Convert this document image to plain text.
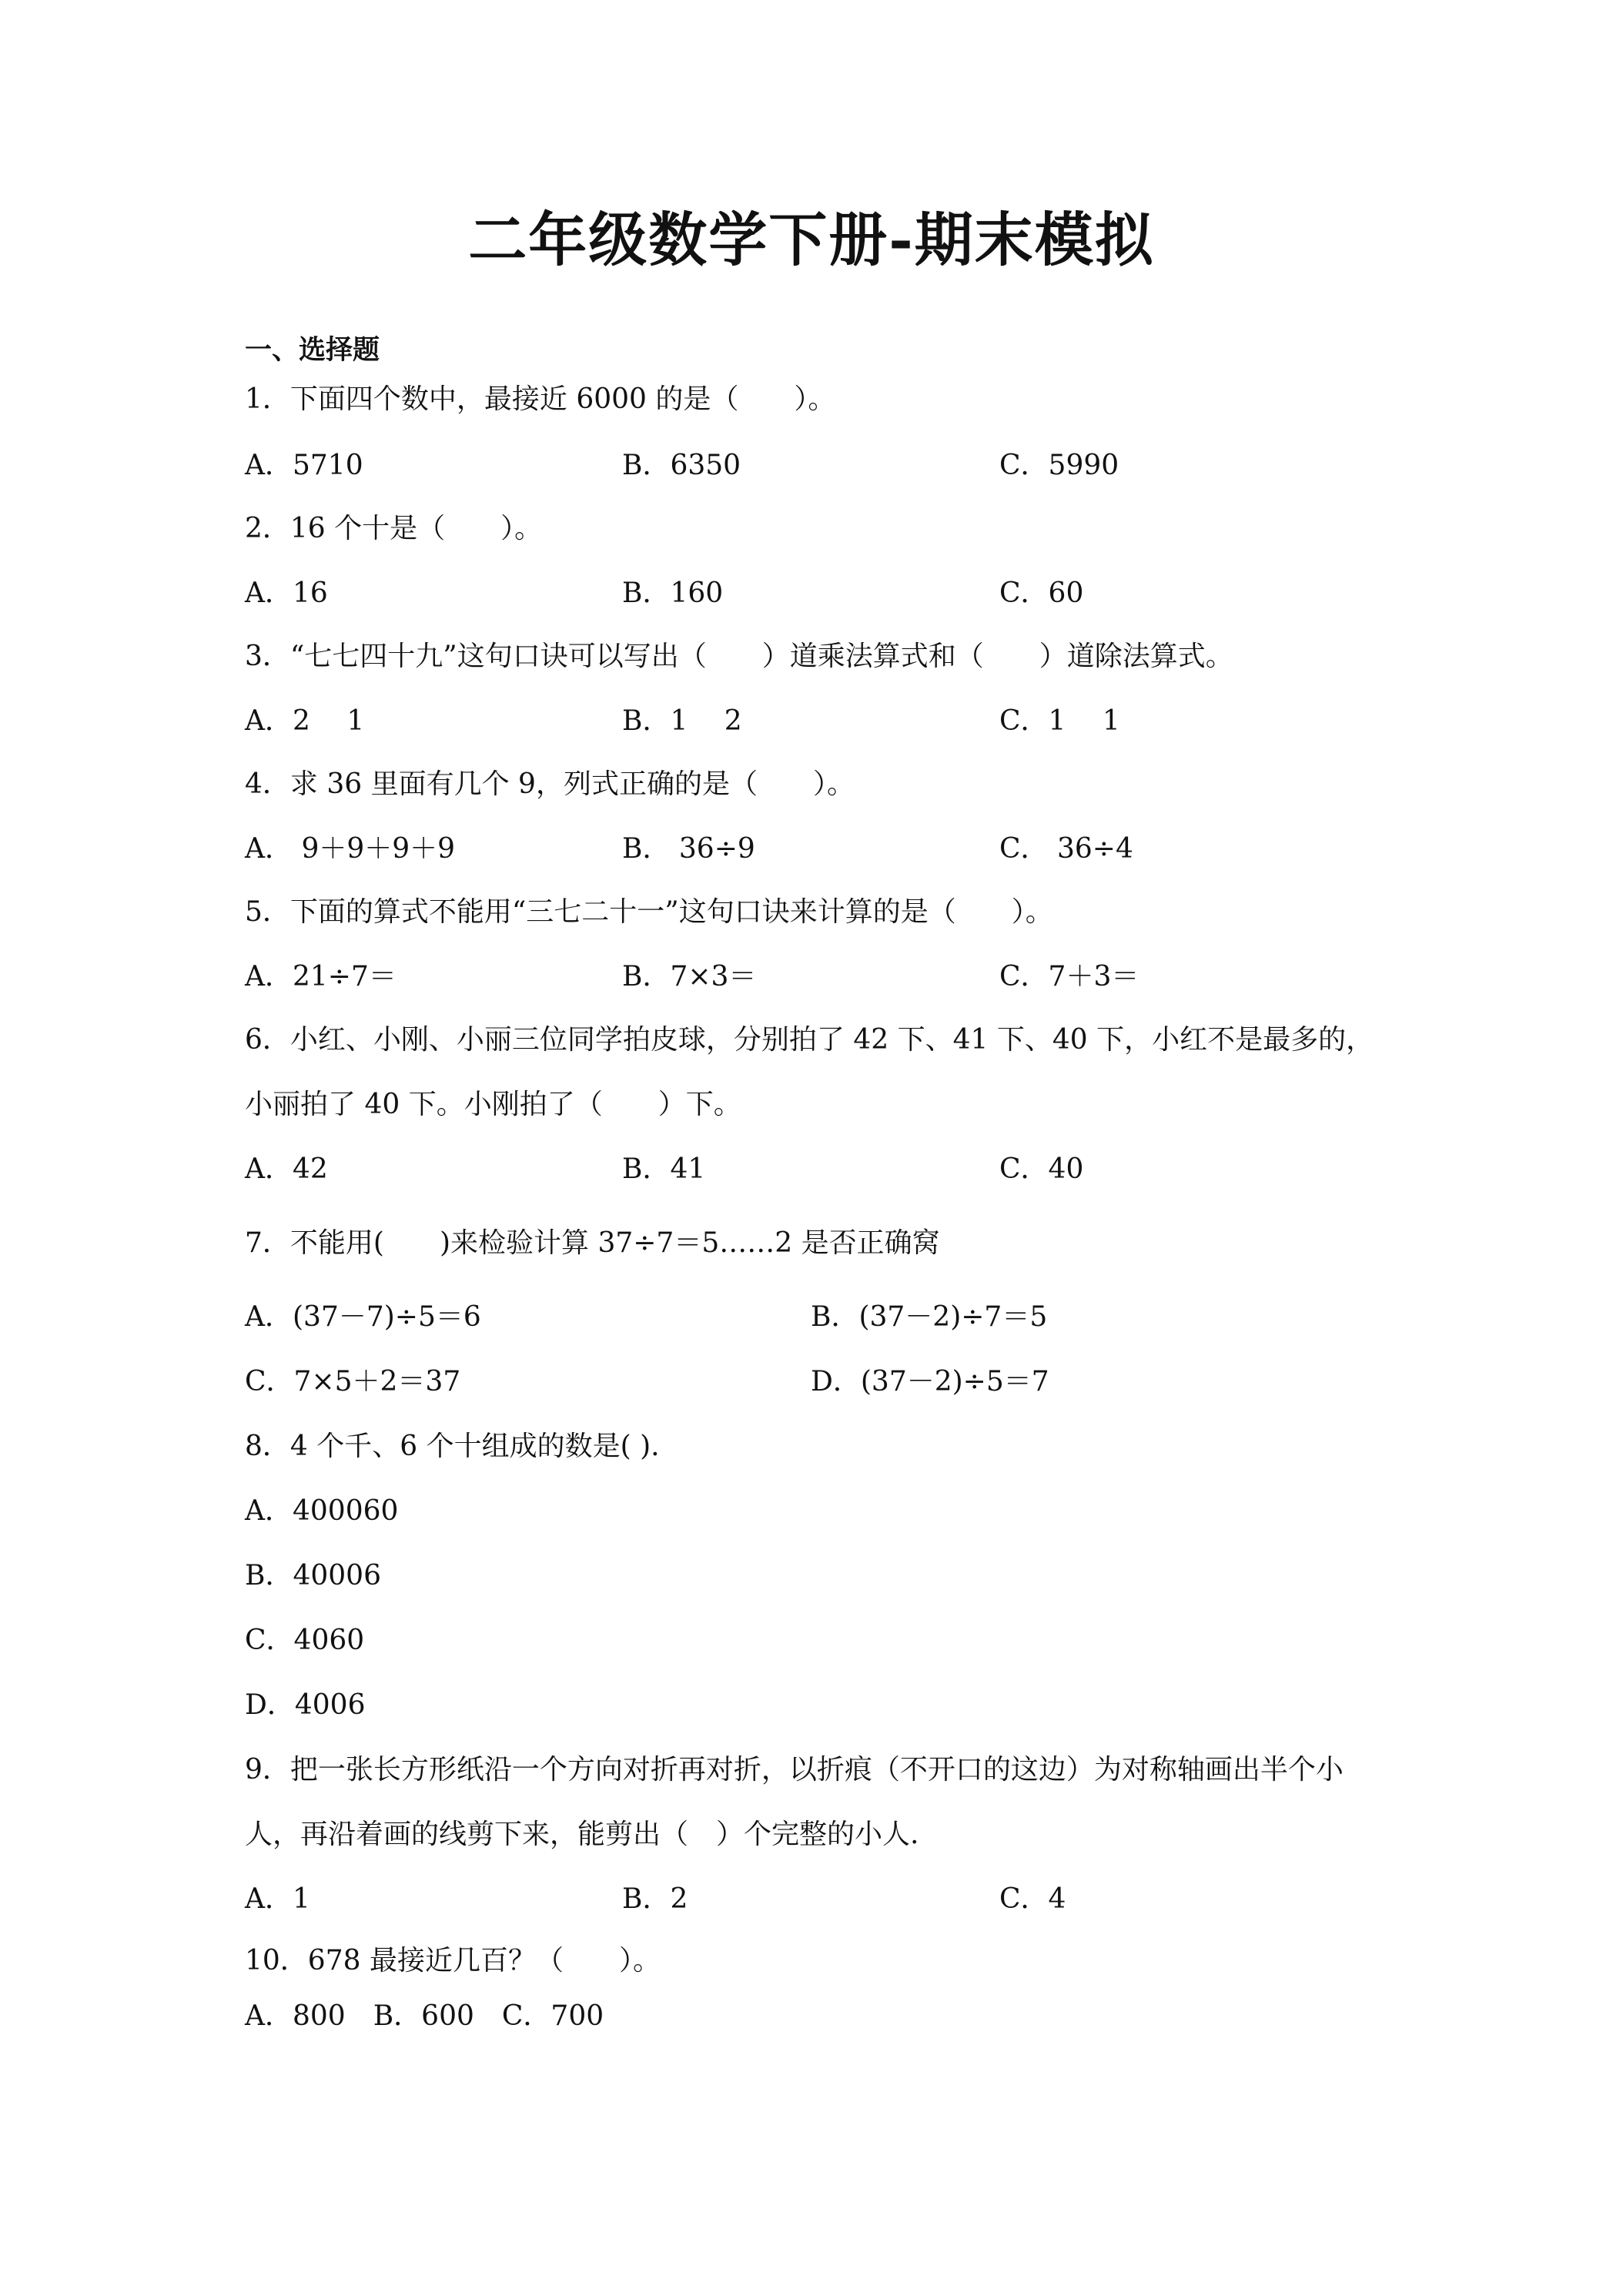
二年级数学下册-期末模拟
一、选择题
1．下面四个数中，最接近 6000 的是（　　）。
A．5710	B．6350	C．5990
2．16 个十是（　　）。
A．16	B．160	C．60
3．“七七四十九”这句口诀可以写出（　　）道乘法算式和（　　）道除法算式。
A．2　 1	B．1　 2	C．1　 1
4．求 36 里面有几个 9，列式正确的是（　　）。
A． 9＋9＋9＋9	B． 36÷9	C． 36÷4
5．下面的算式不能用“三七二十一”这句口诀来计算的是（　　）。
A．21÷7＝	B．7×3＝	C．7＋3＝
6．小红、小刚、小丽三位同学拍皮球，分别拍了 42 下、41 下、40 下，小红不是最多的，
小丽拍了 40 下。小刚拍了（　　）下。
A．42	B．41	C．40
7．不能用(　　)来检验计算 37÷7＝5……2 是否正确窝
A．(37－7)÷5＝6	B．(37－2)÷7＝5
C．7×5＋2＝37	D．(37－2)÷5＝7
8．4 个千、6 个十组成的数是( ).
A．400060
B．40006
C．4060
D．4006
9．把一张长方形纸沿一个方向对折再对折，以折痕（不开口的这边）为对称轴画出半个小
人，再沿着画的线剪下来，能剪出（　）个完整的小人.
A．1	B．2	C．4
10．678 最接近几百？（　　）。
A．800　B．600　C．700
